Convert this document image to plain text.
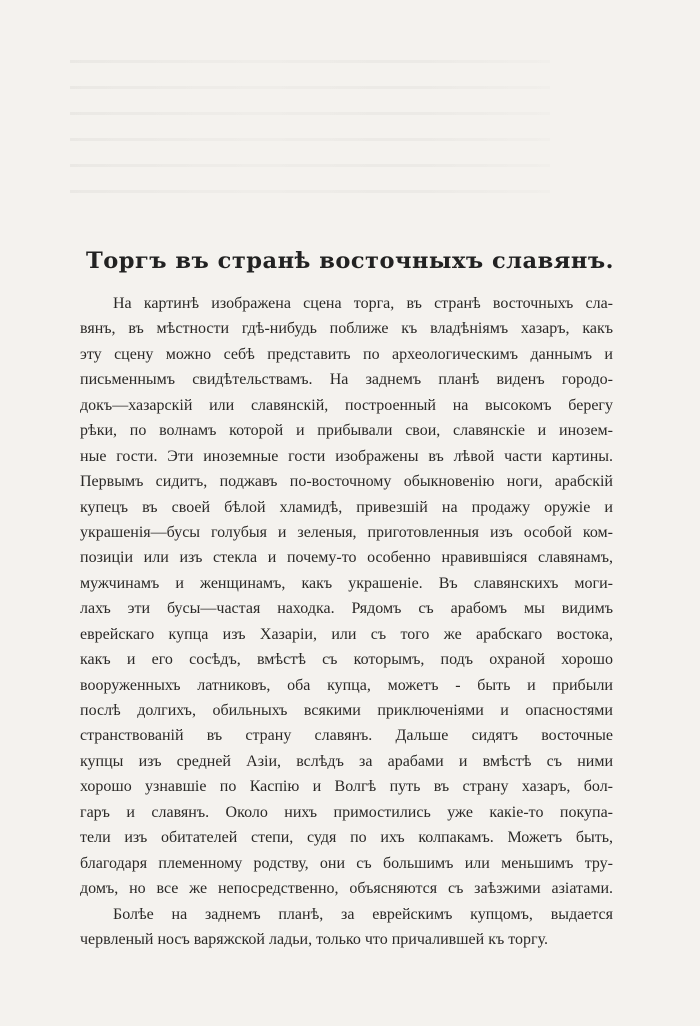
Торгъ въ странѣ восточныхъ славянъ.
На картинѣ изображена сцена торга, въ странѣ восточныхъ сла-
вянъ, въ мѣстности гдѣ-нибудь поближе къ владѣніямъ хазаръ, какъ
эту сцену можно себѣ представить по археологическимъ даннымъ и
письменнымъ свидѣтельствамъ. На заднемъ планѣ виденъ городо-
докъ—хазарскій или славянскій, построенный на высокомъ берегу
рѣки, по волнамъ которой и прибывали свои, славянскіе и инозем-
ные гости. Эти иноземные гости изображены въ лѣвой части картины.
Первымъ сидитъ, поджавъ по-восточному обыкновенію ноги, арабскій
купецъ въ своей бѣлой хламидѣ, привезшій на продажу оружіе и
украшенія—бусы голубыя и зеленыя, приготовленныя изъ особой ком-
позиціи или изъ стекла и почему-то особенно нравившіяся славянамъ,
мужчинамъ и женщинамъ, какъ украшеніе. Въ славянскихъ моги-
лахъ эти бусы—частая находка. Рядомъ съ арабомъ мы видимъ
еврейскаго купца изъ Хазаріи, или съ того же арабскаго востока,
какъ и его сосѣдъ, вмѣстѣ съ которымъ, подъ охраной хорошо
вооруженныхъ латниковъ, оба купца, можетъ - быть и прибыли
послѣ долгихъ, обильныхъ всякими приключеніями и опасностями
странствованій въ страну славянъ. Дальше сидятъ восточные
купцы изъ средней Азіи, вслѣдъ за арабами и вмѣстѣ съ ними
хорошо узнавшіе по Каспію и Волгѣ путь въ страну хазаръ, бол-
гаръ и славянъ. Около нихъ примостились уже какіе-то покупа-
тели изъ обитателей степи, судя по ихъ колпакамъ. Можетъ быть,
благодаря племенному родству, они съ большимъ или меньшимъ тру-
домъ, но все же непосредственно, объясняются съ заѣзжими азіатами.
Болѣе на заднемъ планѣ, за еврейскимъ купцомъ, выдается
червленый носъ варяжской ладьи, только что причалившей къ торгу.
